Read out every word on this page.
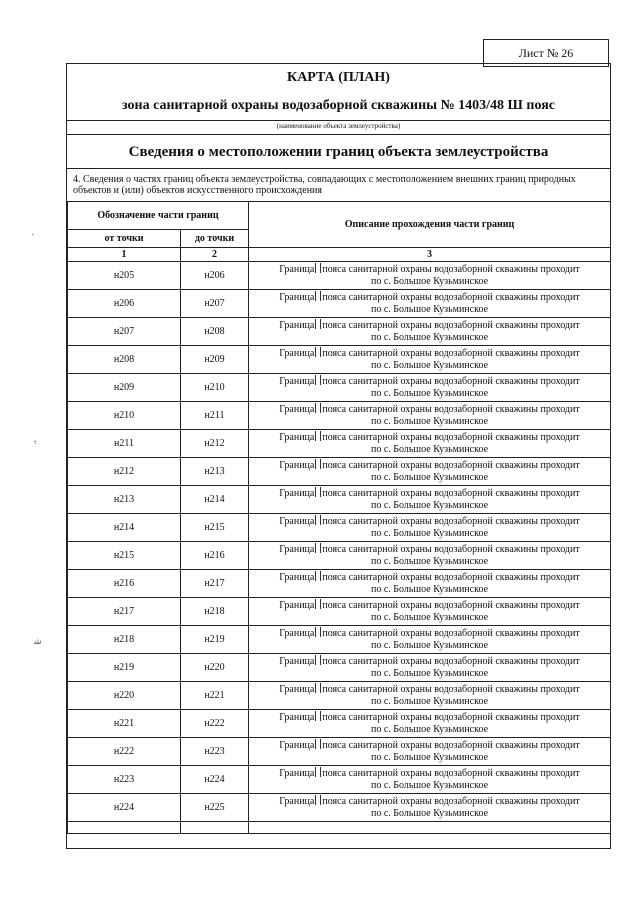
Лист № 26
КАРТА (ПЛАН)
зона санитарной охраны водозаборной скважины № 1403/48 Ш пояс
(наименование объекта землеустройства)
Сведения о местоположении границ объекта землеустройства
4. Сведения о частях границ объекта землеустройства, совпадающих с местоположением внешних границ природных объектов и (или) объектов искусственного происхождения
Обозначение части границ		Описание прохождения части границ
от точки	до точки	
1	2	3
н205	н206	Граница пояса санитарной охраны водозаборной скважины проходит
по с. Большое Кузьминское
н206	н207	Граница пояса санитарной охраны водозаборной скважины проходит
по с. Большое Кузьминское
н207	н208	Граница пояса санитарной охраны водозаборной скважины проходит
по с. Большое Кузьминское
н208	н209	Граница пояса санитарной охраны водозаборной скважины проходит
по с. Большое Кузьминское
н209	н210	Граница пояса санитарной охраны водозаборной скважины проходит
по с. Большое Кузьминское
н210	н211	Граница пояса санитарной охраны водозаборной скважины проходит
по с. Большое Кузьминское
н211	н212	Граница пояса санитарной охраны водозаборной скважины проходит
по с. Большое Кузьминское
н212	н213	Граница пояса санитарной охраны водозаборной скважины проходит
по с. Большое Кузьминское
н213	н214	Граница пояса санитарной охраны водозаборной скважины проходит
по с. Большое Кузьминское
н214	н215	Граница пояса санитарной охраны водозаборной скважины проходит
по с. Большое Кузьминское
н215	н216	Граница пояса санитарной охраны водозаборной скважины проходит
по с. Большое Кузьминское
н216	н217	Граница пояса санитарной охраны водозаборной скважины проходит
по с. Большое Кузьминское
н217	н218	Граница пояса санитарной охраны водозаборной скважины проходит
по с. Большое Кузьминское
н218	н219	Граница пояса санитарной охраны водозаборной скважины проходит
по с. Большое Кузьминское
н219	н220	Граница пояса санитарной охраны водозаборной скважины проходит
по с. Большое Кузьминское
н220	н221	Граница пояса санитарной охраны водозаборной скважины проходит
по с. Большое Кузьминское
н221	н222	Граница пояса санитарной охраны водозаборной скважины проходит
по с. Большое Кузьминское
н222	н223	Граница пояса санитарной охраны водозаборной скважины проходит
по с. Большое Кузьминское
н223	н224	Граница пояса санитарной охраны водозаборной скважины проходит
по с. Большое Кузьминское
н224	н225	Граница пояса санитарной охраны водозаборной скважины проходит
по с. Большое Кузьминское

′
ﮨ
ﺷ
